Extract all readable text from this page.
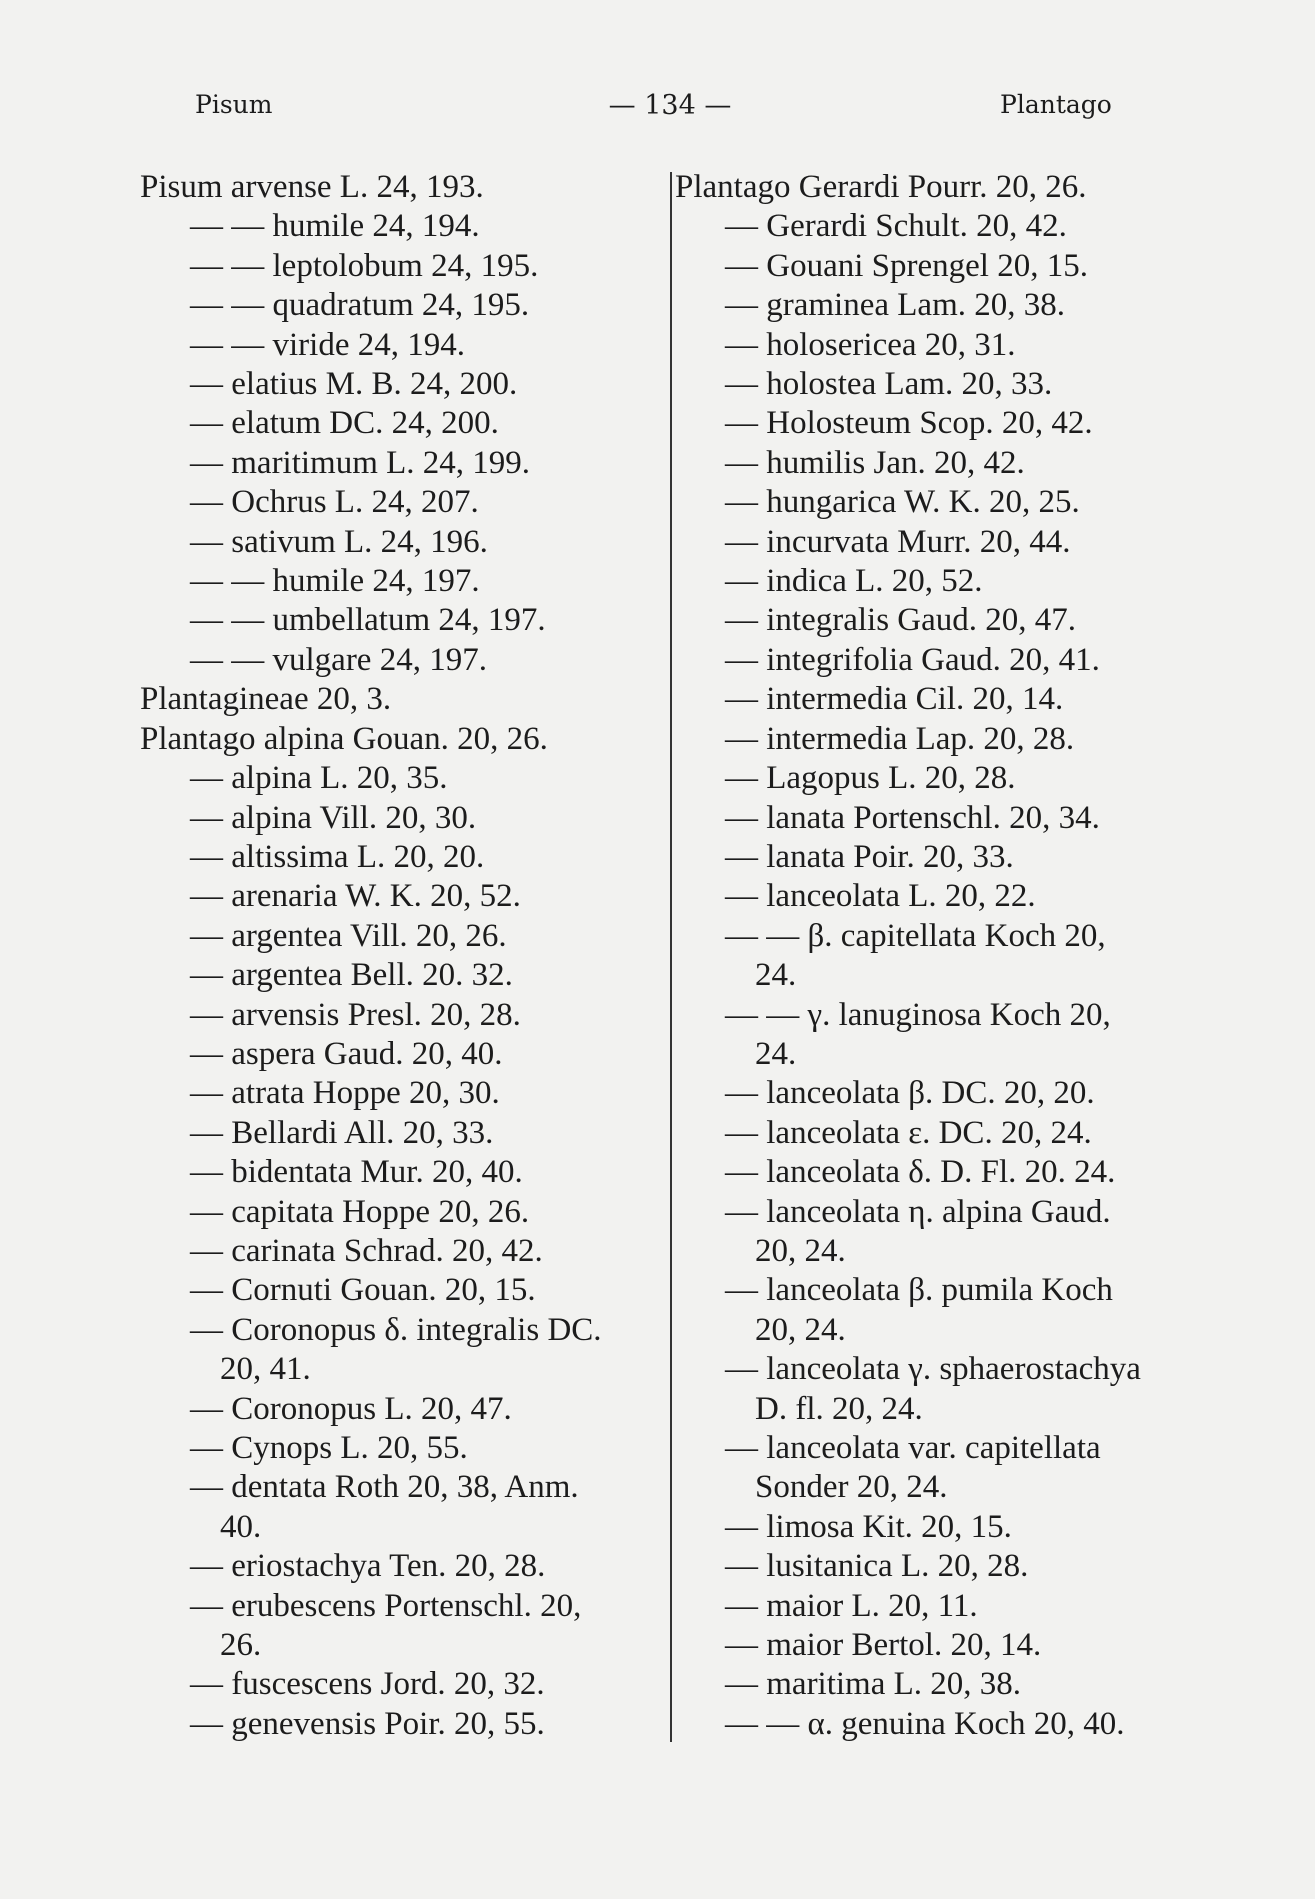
Pisum	— 134 —	Plantago
Pisum arvense L. 24, 193.
— — humile 24, 194.
— — leptolobum 24, 195.
— — quadratum 24, 195.
— — viride 24, 194.
— elatius M. B. 24, 200.
— elatum DC. 24, 200.
— maritimum L. 24, 199.
— Ochrus L. 24, 207.
— sativum L. 24, 196.
— — humile 24, 197.
— — umbellatum 24, 197.
— — vulgare 24, 197.
Plantagineae 20, 3.
Plantago alpina Gouan. 20, 26.
— alpina L. 20, 35.
— alpina Vill. 20, 30.
— altissima L. 20, 20.
— arenaria W. K. 20, 52.
— argentea Vill. 20, 26.
— argentea Bell. 20. 32.
— arvensis Presl. 20, 28.
— aspera Gaud. 20, 40.
— atrata Hoppe 20, 30.
— Bellardi All. 20, 33.
— bidentata Mur. 20, 40.
— capitata Hoppe 20, 26.
— carinata Schrad. 20, 42.
— Cornuti Gouan. 20, 15.
— Coronopus δ. integralis DC.
20, 41.
— Coronopus L. 20, 47.
— Cynops L. 20, 55.
— dentata Roth 20, 38, Anm.
40.
— eriostachya Ten. 20, 28.
— erubescens Portenschl. 20,
26.
— fuscescens Jord. 20, 32.
— genevensis Poir. 20, 55.
Plantago Gerardi Pourr. 20, 26.
— Gerardi Schult. 20, 42.
— Gouani Sprengel 20, 15.
— graminea Lam. 20, 38.
— holosericea 20, 31.
— holostea Lam. 20, 33.
— Holosteum Scop. 20, 42.
— humilis Jan. 20, 42.
— hungarica W. K. 20, 25.
— incurvata Murr. 20, 44.
— indica L. 20, 52.
— integralis Gaud. 20, 47.
— integrifolia Gaud. 20, 41.
— intermedia Cil. 20, 14.
— intermedia Lap. 20, 28.
— Lagopus L. 20, 28.
— lanata Portenschl. 20, 34.
— lanata Poir. 20, 33.
— lanceolata L. 20, 22.
— — β. capitellata Koch 20,
24.
— — γ. lanuginosa Koch 20,
24.
— lanceolata β. DC. 20, 20.
— lanceolata ε. DC. 20, 24.
— lanceolata δ. D. Fl. 20. 24.
— lanceolata η. alpina Gaud.
20, 24.
— lanceolata β. pumila Koch
20, 24.
— lanceolata γ. sphaerostachya
D. fl. 20, 24.
— lanceolata var. capitellata
Sonder 20, 24.
— limosa Kit. 20, 15.
— lusitanica L. 20, 28.
— maior L. 20, 11.
— maior Bertol. 20, 14.
— maritima L. 20, 38.
— — α. genuina Koch 20, 40.
